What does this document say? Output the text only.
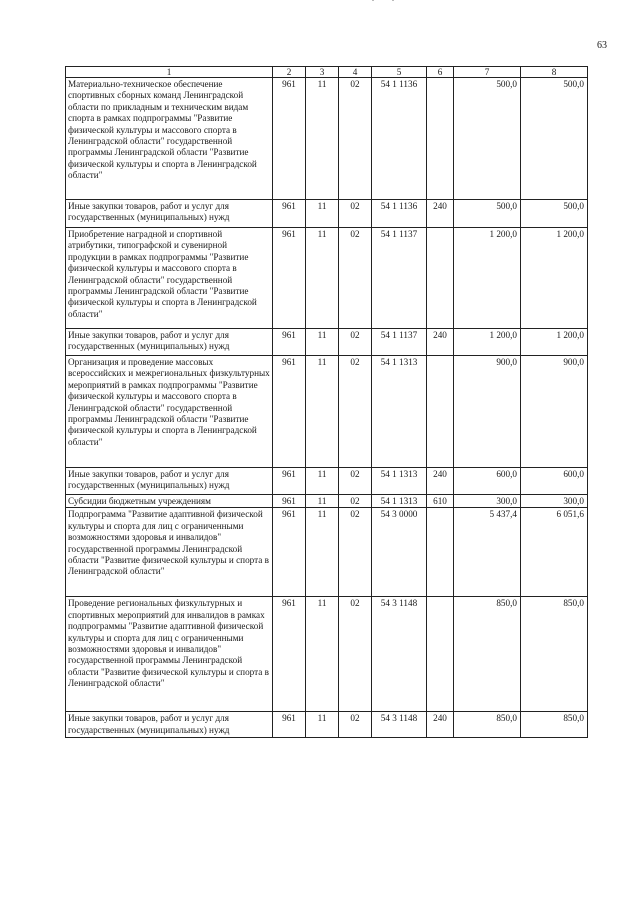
63
1	2	3	4	5	6	7	8
Материально-техническое обеспечение спортивных сборных команд Ленинградской области по прикладным и техническим видам спорта в рамках подпрограммы "Развитие физической культуры и массового спорта в Ленинградской области" государственной программы Ленинградской области "Развитие физической культуры и спорта в Ленинградской области"	961	11	02	54 1 1136		500,0	500,0
Иные закупки товаров, работ и услуг для государственных (муниципальных) нужд	961	11	02	54 1 1136	240	500,0	500,0
Приобретение наградной и спортивной атрибутики, типографской и сувенирной продукции в рамках подпрограммы "Развитие физической культуры и массового спорта в Ленинградской области" государственной программы Ленинградской области "Развитие физической культуры и спорта в Ленинградской области"	961	11	02	54 1 1137		1 200,0	1 200,0
Иные закупки товаров, работ и услуг для государственных (муниципальных) нужд	961	11	02	54 1 1137	240	1 200,0	1 200,0
Организация и проведение массовых всероссийских и межрегиональных физкультурных мероприятий в рамках подпрограммы "Развитие физической культуры и массового спорта в Ленинградской области" государственной программы Ленинградской области "Развитие физической культуры и спорта в Ленинградской области"	961	11	02	54 1 1313		900,0	900,0
Иные закупки товаров, работ и услуг для государственных (муниципальных) нужд	961	11	02	54 1 1313	240	600,0	600,0
Субсидии бюджетным учреждениям	961	11	02	54 1 1313	610	300,0	300,0
Подпрограмма "Развитие адаптивной физической культуры и спорта для лиц с ограниченными возможностями здоровья и инвалидов" государственной программы Ленинградской области "Развитие физической культуры и спорта в Ленинградской области"	961	11	02	54 3 0000		5 437,4	6 051,6
Проведение региональных физкультурных и спортивных мероприятий для инвалидов в рамках подпрограммы "Развитие адаптивной физической культуры и спорта для лиц с ограниченными возможностями здоровья и инвалидов" государственной программы Ленинградской области "Развитие физической культуры и спорта в Ленинградской области"	961	11	02	54 3 1148		850,0	850,0
Иные закупки товаров, работ и услуг для государственных (муниципальных) нужд	961	11	02	54 3 1148	240	850,0	850,0
